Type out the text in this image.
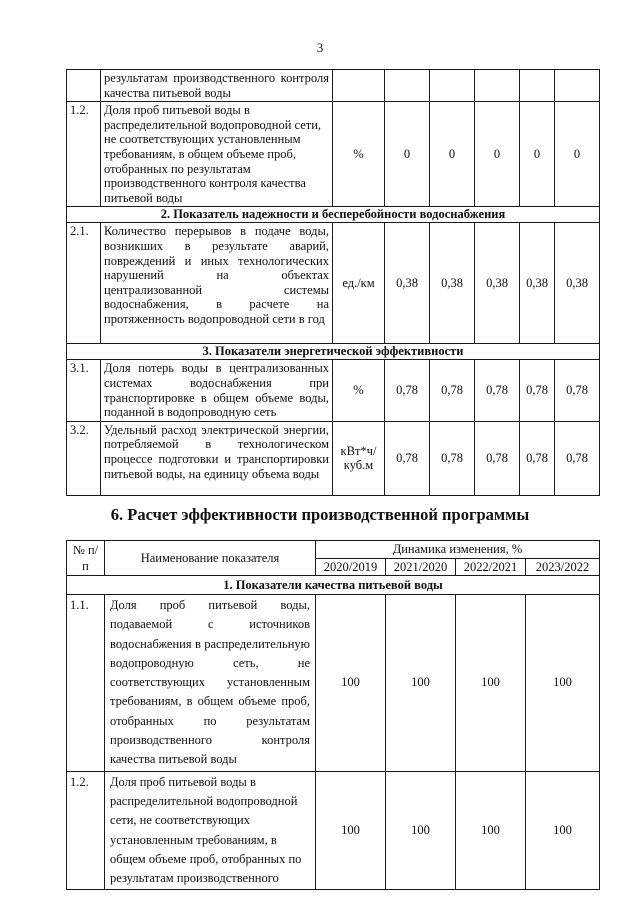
3
	результатам производственного контроля качества питьевой воды						
1.2.	Доля проб питьевой воды в распределительной водопроводной сети, не соответствующих установленным требованиям, в общем объеме проб, отобранных по результатам производственного контроля качества питьевой воды	%	0	0	0	0	0
2. Показатель надежности и бесперебойности водоснабжения							
2.1.	Количество перерывов в подаче воды, возникших в результате аварий, повреждений и иных технологических нарушений на объектах централизованной системы водоснабжения, в расчете на протяженность водопроводной сети в год	ед./км	0,38	0,38	0,38	0,38	0,38
3. Показатели энергетической эффективности							
3.1.	Доля потерь воды в централизованных системах водоснабжения при транспортировке в общем объеме воды, поданной в водопроводную сеть	%	0,78	0,78	0,78	0,78	0,78
3.2.	Удельный расход электрической энергии, потребляемой в технологическом процессе подготовки и транспортировки питьевой воды, на единицу объема воды	кВт*ч/куб.м	0,78	0,78	0,78	0,78	0,78
6. Расчет эффективности производственной программы
№ п/п	Наименование показателя	Динамика изменения, %			
		2020/2019	2021/2020	2022/2021	2023/2022
1. Показатели качества питьевой воды					
1.1.	Доля проб питьевой воды, подаваемой с источников водоснабжения в распределительную водопроводную сеть, не соответствующих установленным требованиям, в общем объеме проб, отобранных по результатам производственного контроля качества питьевой воды	100	100	100	100
1.2.	Доля проб питьевой воды в распределительной водопроводной сети, не соответствующих установленным требованиям, в общем объеме проб, отобранных по результатам производственного	100	100	100	100
